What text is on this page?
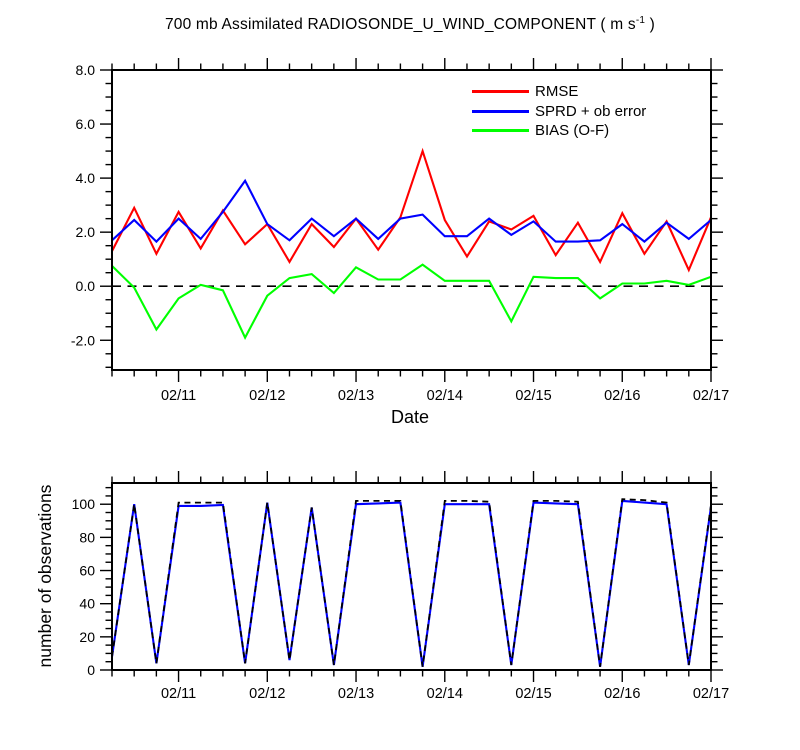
02/11	02/12	02/13	02/14	02/15	02/16	02/17
-2.0
0.0
2.0
4.0
6.0
8.0
02/11	02/12	02/13	02/14	02/15	02/16	02/17
0
20
40
60
80
100
700 mb Assimilated RADIOSONDE_U_WIND_COMPONENT ( m $s^{-1}$ )
RMSE
SPRD + ob error
BIAS (O-F)
Date
number of observations
